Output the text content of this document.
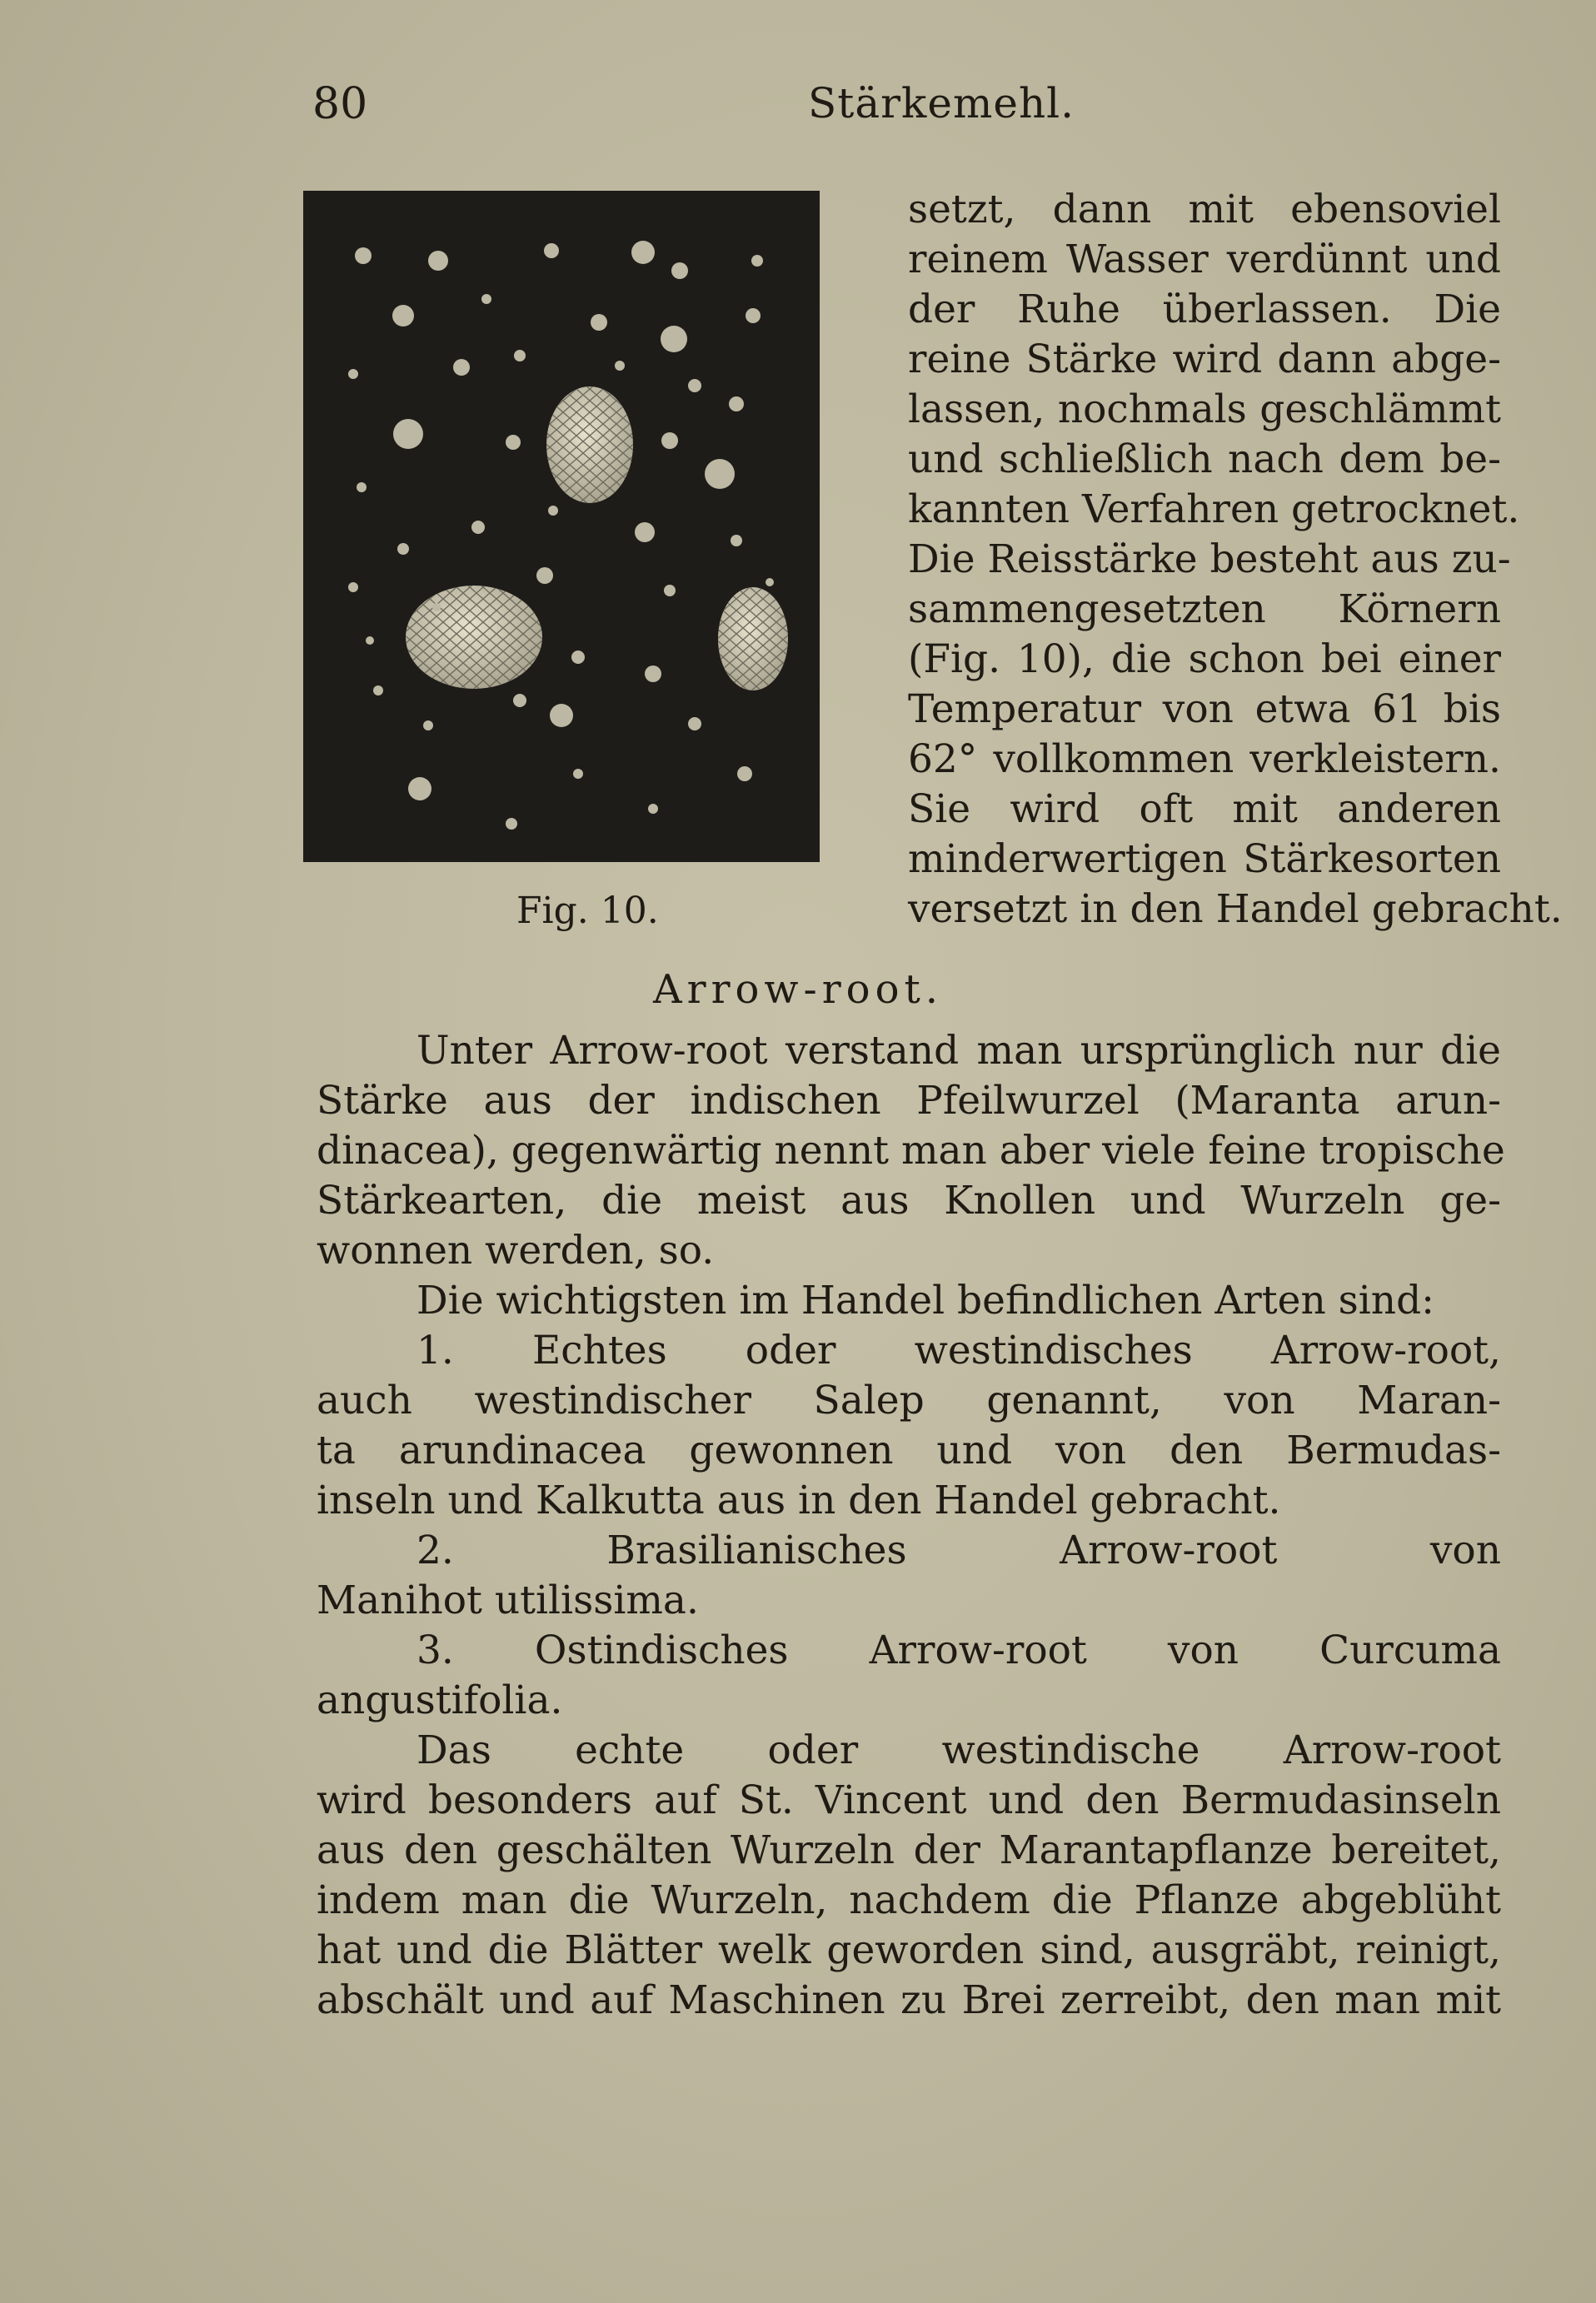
80	Stärkemehl.
Fig. 10.
setzt, dann mit ebensoviel
reinem Wasser verdünnt und
der Ruhe überlassen. Die
reine Stärke wird dann abge-
lassen, nochmals geschlämmt
und schließlich nach dem be-
kannten Verfahren getrocknet.
Die Reisstärke besteht aus zu-
sammengesetzten Körnern
(Fig. 10), die schon bei einer
Temperatur von etwa 61 bis
62° vollkommen verkleistern.
Sie wird oft mit anderen
minderwertigen Stärkesorten
versetzt in den Handel gebracht.
Arrow-root.
Unter Arrow-root verstand man ursprünglich nur die
Stärke aus der indischen Pfeilwurzel (Maranta arun-
dinacea), gegenwärtig nennt man aber viele feine tropische
Stärkearten, die meist aus Knollen und Wurzeln ge-
wonnen werden, so.
Die wichtigsten im Handel befindlichen Arten sind:
1. Echtes oder westindisches Arrow-root,
auch westindischer Salep genannt, von Maran-
ta arundinacea gewonnen und von den Bermudas-
inseln und Kalkutta aus in den Handel gebracht.
2. Brasilianisches Arrow-root von
Manihot utilissima.
3. Ostindisches Arrow-root von Curcuma
angustifolia.
Das echte oder westindische Arrow-root
wird besonders auf St. Vincent und den Bermudasinseln
aus den geschälten Wurzeln der Marantapflanze bereitet,
indem man die Wurzeln, nachdem die Pflanze abgeblüht
hat und die Blätter welk geworden sind, ausgräbt, reinigt,
abschält und auf Maschinen zu Brei zerreibt, den man mit
